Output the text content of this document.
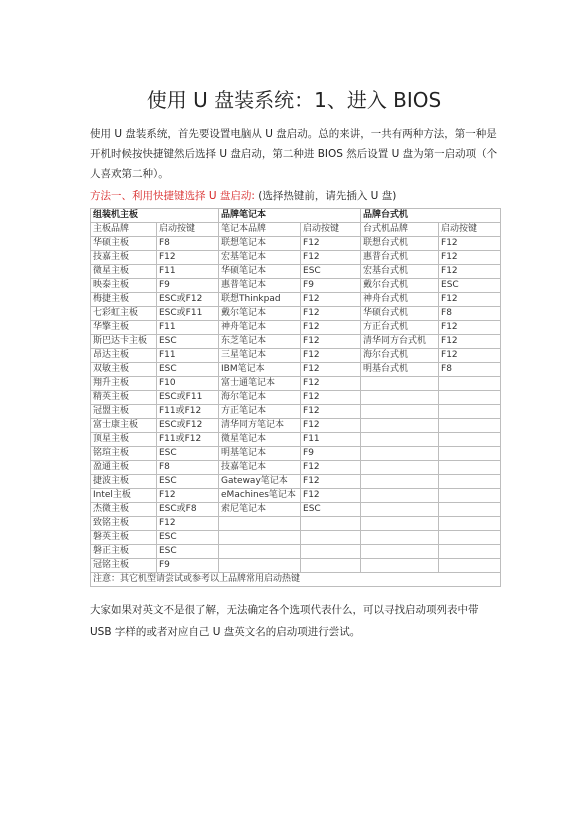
使用 U 盘装系统：1、进入 BIOS

使用 U 盘装系统，首先要设置电脑从 U 盘启动。总的来讲，一共有两种方法，第一种是开机时候按快捷键然后选择 U 盘启动，第二种进 BIOS 然后设置 U 盘为第一启动项（个人喜欢第二种）。

方法一、利用快捷键选择 U 盘启动: (选择热键前，请先插入 U 盘)

组装机主板		品牌笔记本		品牌台式机	
主板品牌	启动按键	笔记本品牌	启动按键	台式机品牌	启动按键
华硕主板	F8	联想笔记本	F12	联想台式机	F12
技嘉主板	F12	宏基笔记本	F12	惠普台式机	F12
微星主板	F11	华硕笔记本	ESC	宏基台式机	F12
映泰主板	F9	惠普笔记本	F9	戴尔台式机	ESC
梅捷主板	ESC或F12	联想Thinkpad	F12	神舟台式机	F12
七彩虹主板	ESC或F11	戴尔笔记本	F12	华硕台式机	F8
华擎主板	F11	神舟笔记本	F12	方正台式机	F12
斯巴达卡主板	ESC	东芝笔记本	F12	清华同方台式机	F12
昂达主板	F11	三星笔记本	F12	海尔台式机	F12
双敏主板	ESC	IBM笔记本	F12	明基台式机	F8
翔升主板	F10	富士通笔记本	F12		
精英主板	ESC或F11	海尔笔记本	F12		
冠盟主板	F11或F12	方正笔记本	F12		
富士康主板	ESC或F12	清华同方笔记本	F12		
顶星主板	F11或F12	微星笔记本	F11		
铭瑄主板	ESC	明基笔记本	F9		
盈通主板	F8	技嘉笔记本	F12		
捷波主板	ESC	Gateway笔记本	F12		
Intel主板	F12	eMachines笔记本	F12		
杰微主板	ESC或F8	索尼笔记本	ESC		
致铭主板	F12				
磐英主板	ESC				
磐正主板	ESC				
冠铭主板	F9				
注意：其它机型请尝试或参考以上品牌常用启动热键					

大家如果对英文不是很了解，无法确定各个选项代表什么，可以寻找启动项列表中带 USB 字样的或者对应自己 U 盘英文名的启动项进行尝试。
